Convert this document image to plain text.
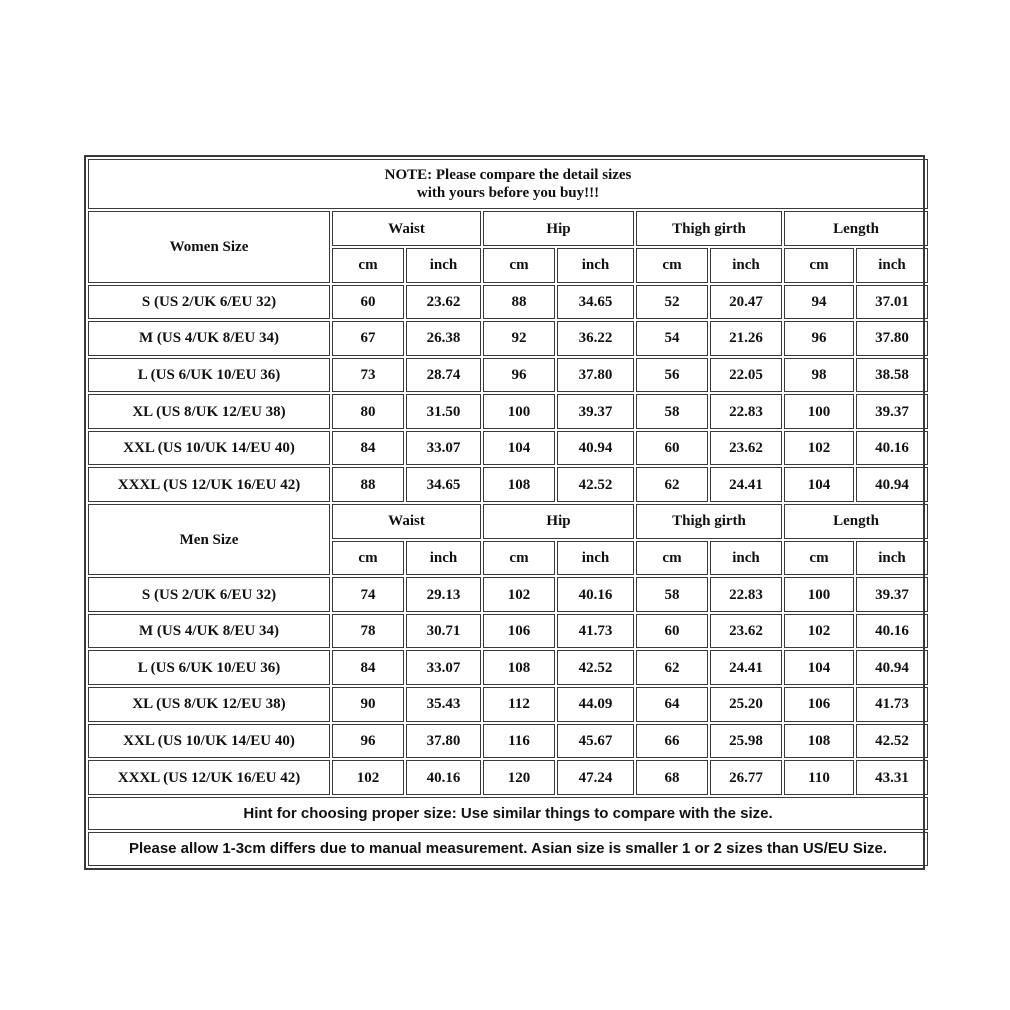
NOTE: Please compare the detail sizes
with yours before you buy!!!								

Women Size	Waist		Hip		Thigh girth		Length	
	cm	inch	cm	inch	cm	inch	cm	inch
S (US 2/UK 6/EU 32)	60	23.62	88	34.65	52	20.47	94	37.01
M (US 4/UK 8/EU 34)	67	26.38	92	36.22	54	21.26	96	37.80
L (US 6/UK 10/EU 36)	73	28.74	96	37.80	56	22.05	98	38.58
XL (US 8/UK 12/EU 38)	80	31.50	100	39.37	58	22.83	100	39.37
XXL (US 10/UK 14/EU 40)	84	33.07	104	40.94	60	23.62	102	40.16
XXXL (US 12/UK 16/EU 42)	88	34.65	108	42.52	62	24.41	104	40.94
Men Size	Waist		Hip		Thigh girth		Length	
	cm	inch	cm	inch	cm	inch	cm	inch
S (US 2/UK 6/EU 32)	74	29.13	102	40.16	58	22.83	100	39.37
M (US 4/UK 8/EU 34)	78	30.71	106	41.73	60	23.62	102	40.16
L (US 6/UK 10/EU 36)	84	33.07	108	42.52	62	24.41	104	40.94
XL (US 8/UK 12/EU 38)	90	35.43	112	44.09	64	25.20	106	41.73
XXL (US 10/UK 14/EU 40)	96	37.80	116	45.67	66	25.98	108	42.52
XXXL (US 12/UK 16/EU 42)	102	40.16	120	47.24	68	26.77	110	43.31
Hint for choosing proper size: Use similar things to compare with the size.								
Please allow 1-3cm differs due to manual measurement. Asian size is smaller 1 or 2 sizes than US/EU Size.								
